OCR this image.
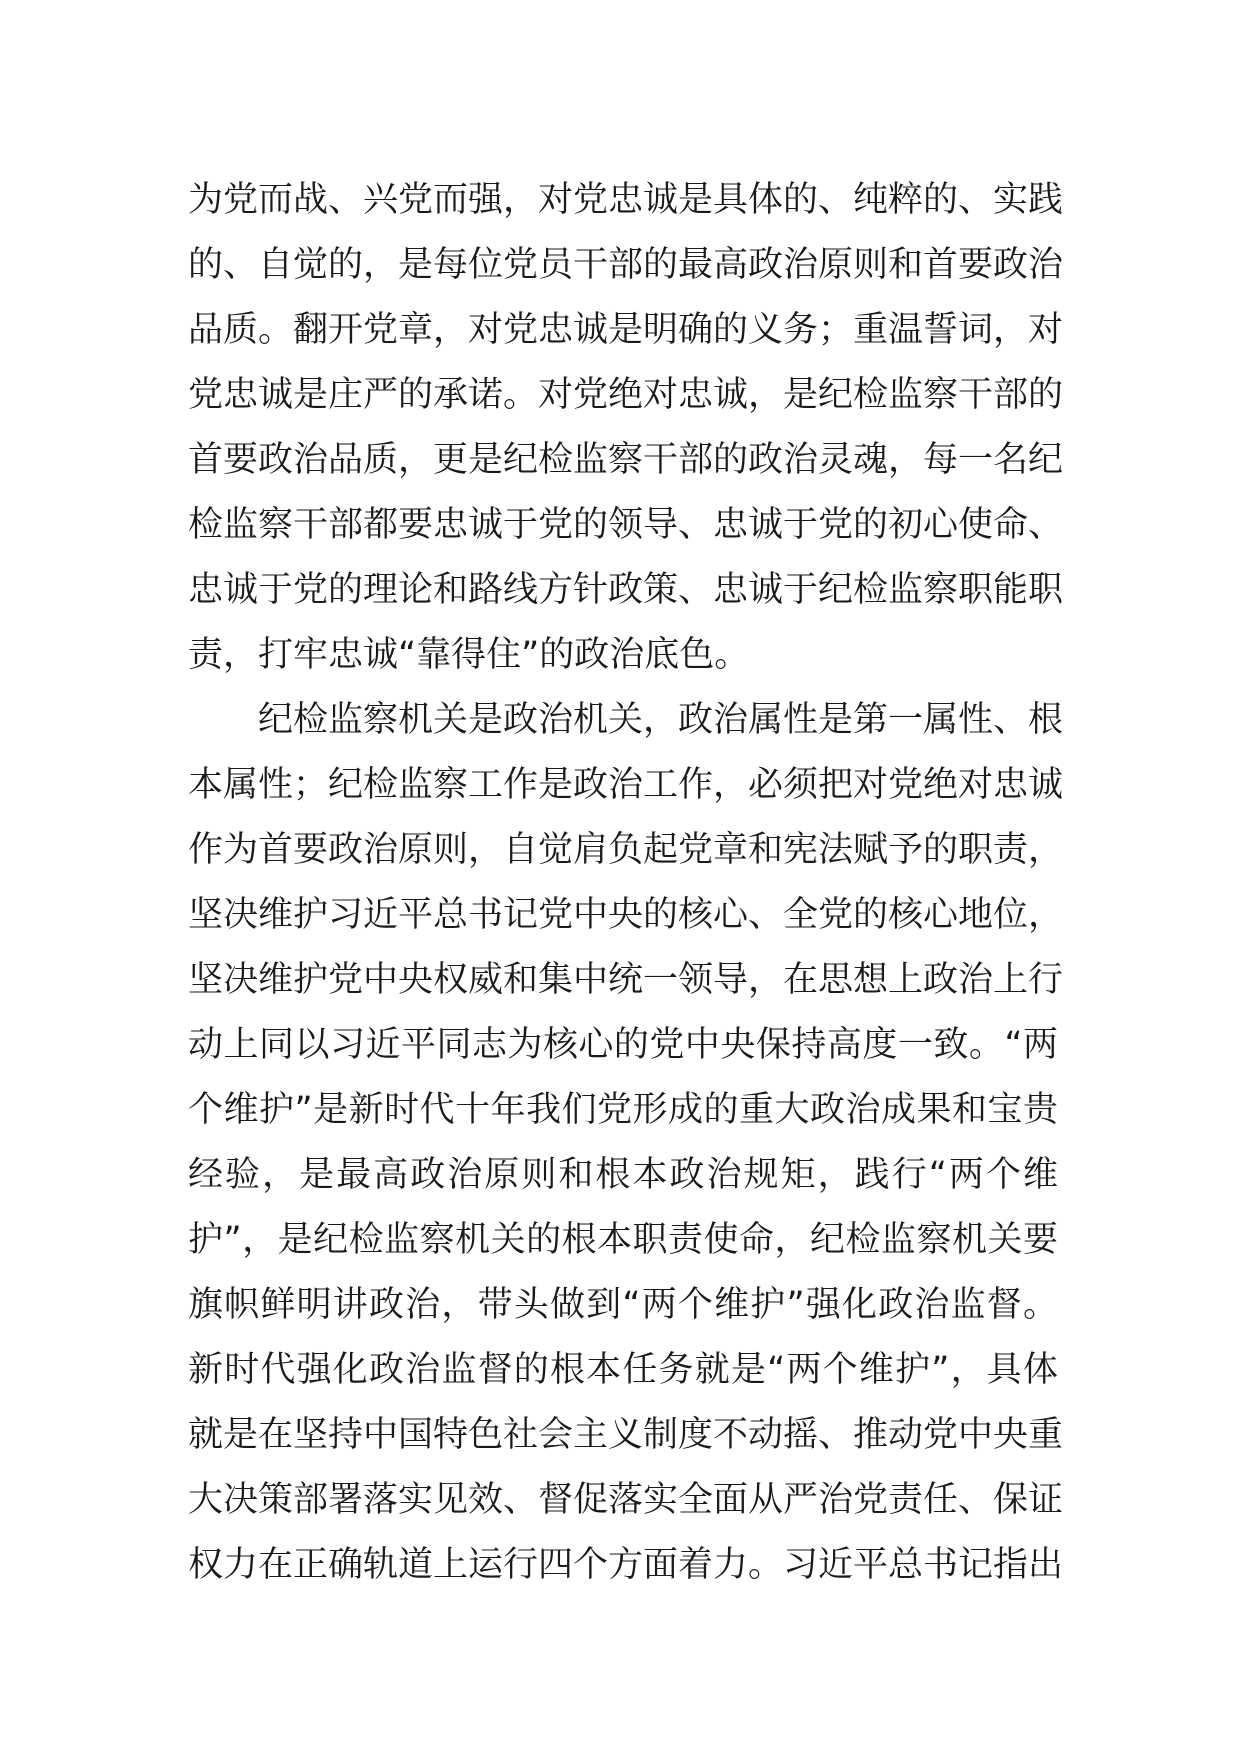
为党而战、兴党而强，对党忠诚是具体的、纯粹的、实践
的、自觉的，是每位党员干部的最高政治原则和首要政治
品质。翻开党章，对党忠诚是明确的义务；重温誓词，对
党忠诚是庄严的承诺。对党绝对忠诚，是纪检监察干部的
首要政治品质，更是纪检监察干部的政治灵魂，每一名纪
检监察干部都要忠诚于党的领导、忠诚于党的初心使命、
忠诚于党的理论和路线方针政策、忠诚于纪检监察职能职
责，打牢忠诚“靠得住”的政治底色。
纪检监察机关是政治机关，政治属性是第一属性、根
本属性；纪检监察工作是政治工作，必须把对党绝对忠诚
作为首要政治原则，自觉肩负起党章和宪法赋予的职责，
坚决维护习近平总书记党中央的核心、全党的核心地位，
坚决维护党中央权威和集中统一领导，在思想上政治上行
动上同以习近平同志为核心的党中央保持高度一致。“两
个维护”是新时代十年我们党形成的重大政治成果和宝贵
经验，是最高政治原则和根本政治规矩，践行“两个维
护”，是纪检监察机关的根本职责使命，纪检监察机关要
旗帜鲜明讲政治，带头做到“两个维护”强化政治监督。
新时代强化政治监督的根本任务就是“两个维护”，具体
就是在坚持中国特色社会主义制度不动摇、推动党中央重
大决策部署落实见效、督促落实全面从严治党责任、保证
权力在正确轨道上运行四个方面着力。习近平总书记指出
